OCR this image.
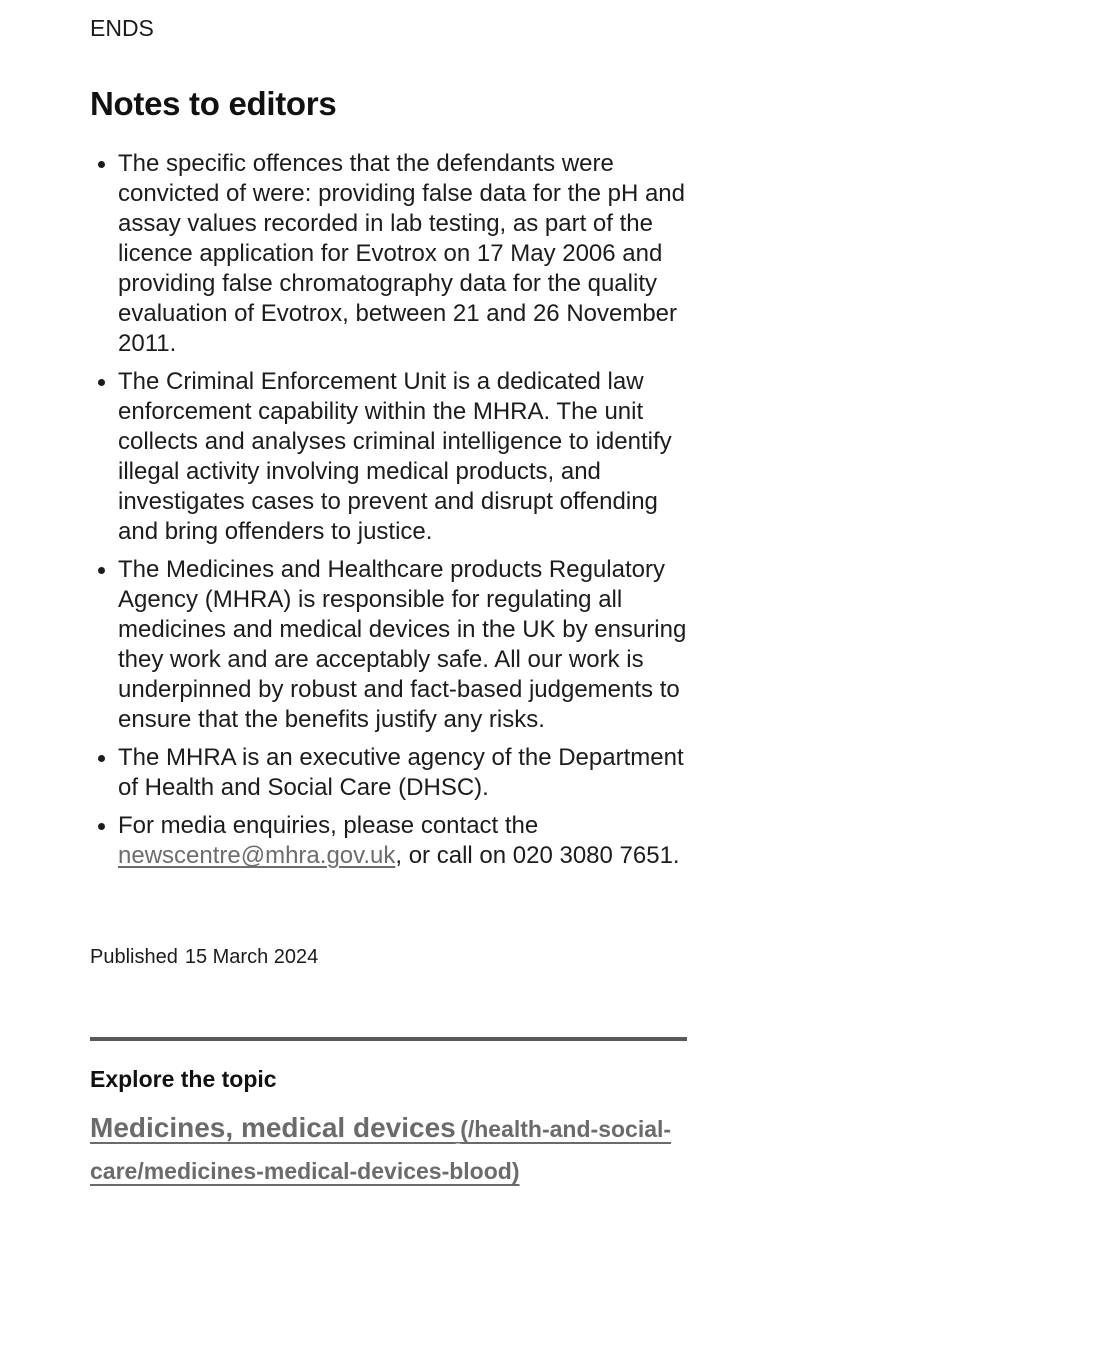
ENDS

Notes to editors
• The specific offences that the defendants were convicted of were: providing false data for the pH and assay values recorded in lab testing, as part of the licence application for Evotrox on 17 May 2006 and providing false chromatography data for the quality evaluation of Evotrox, between 21 and 26 November 2011.
• The Criminal Enforcement Unit is a dedicated law enforcement capability within the MHRA. The unit collects and analyses criminal intelligence to identify illegal activity involving medical products, and investigates cases to prevent and disrupt offending and bring offenders to justice.
• The Medicines and Healthcare products Regulatory Agency (MHRA) is responsible for regulating all medicines and medical devices in the UK by ensuring they work and are acceptably safe. All our work is underpinned by robust and fact-based judgements to ensure that the benefits justify any risks.
• The MHRA is an executive agency of the Department of Health and Social Care (DHSC).
• For media enquiries, please contact the newscentre@mhra.gov.uk, or call on 020 3080 7651.

Published 15 March 2024

Explore the topic

Medicines, medical devices (/health-and-social-care/medicines-medical-devices-blood)
